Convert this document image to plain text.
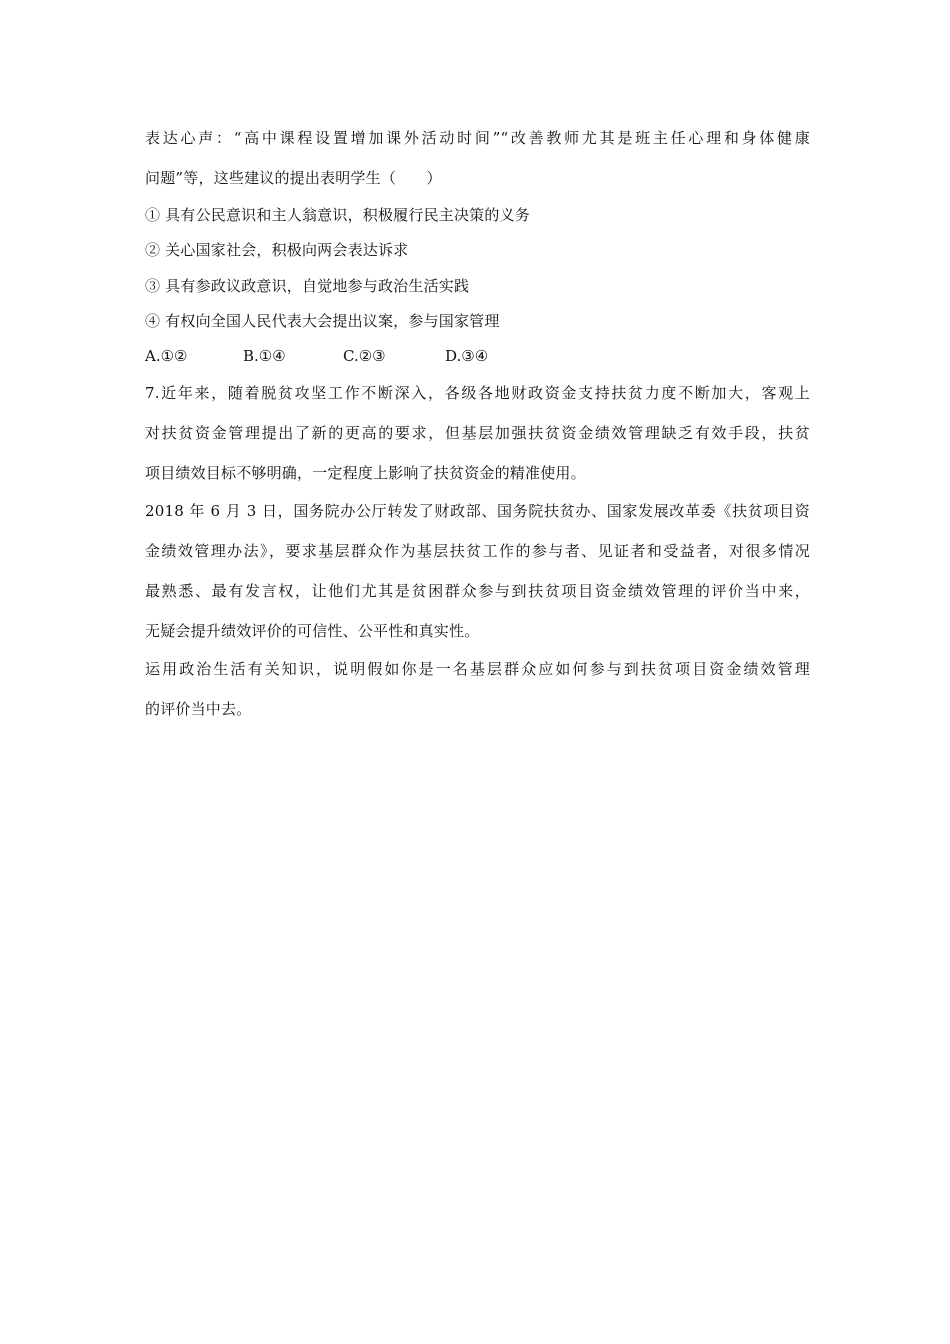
表达心声：“高中课程设置增加课外活动时间”“改善教师尤其是班主任心理和身体健康
问题”等，这些建议的提出表明学生（　　）
① 具有公民意识和主人翁意识，积极履行民主决策的义务
② 关心国家社会，积极向两会表达诉求
③ 具有参政议政意识，自觉地参与政治生活实践
④ 有权向全国人民代表大会提出议案，参与国家管理
A.①②	B.①④	C.②③	D.③④
7.近年来，随着脱贫攻坚工作不断深入，各级各地财政资金支持扶贫力度不断加大，客观上
对扶贫资金管理提出了新的更高的要求，但基层加强扶贫资金绩效管理缺乏有效手段，扶贫
项目绩效目标不够明确，一定程度上影响了扶贫资金的精准使用。
2018 年 6 月 3 日，国务院办公厅转发了财政部、国务院扶贫办、国家发展改革委《扶贫项目资
金绩效管理办法》，要求基层群众作为基层扶贫工作的参与者、见证者和受益者，对很多情况
最熟悉、最有发言权，让他们尤其是贫困群众参与到扶贫项目资金绩效管理的评价当中来，
无疑会提升绩效评价的可信性、公平性和真实性。
运用政治生活有关知识，说明假如你是一名基层群众应如何参与到扶贫项目资金绩效管理
的评价当中去。
